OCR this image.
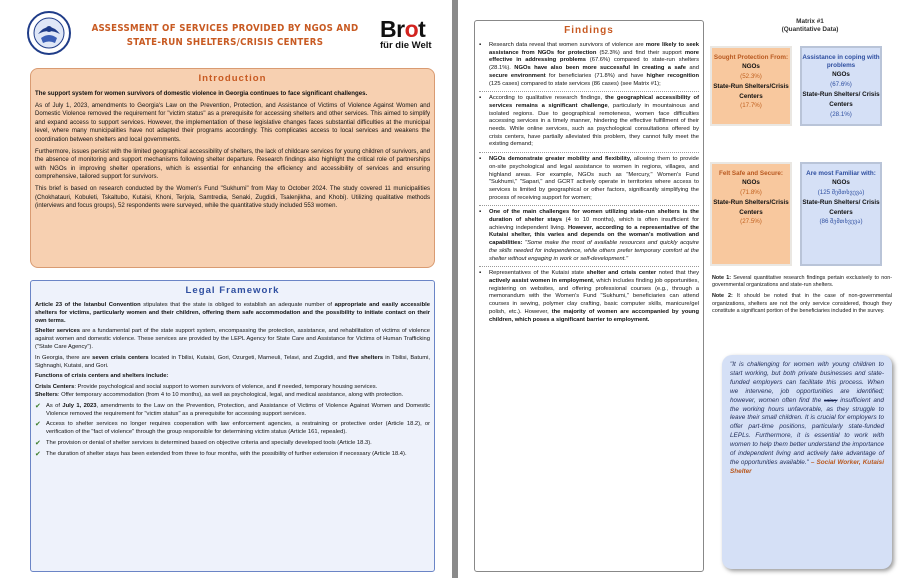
ASSESSMENT OF SERVICES PROVIDED BY NGOS AND
STATE-RUN SHELTERS/CRISIS CENTERS
Brot
für die Welt
Introduction

The support system for women survivors of domestic violence in Georgia continues to face significant challenges.

As of July 1, 2023, amendments to Georgia's Law on the Prevention, Protection, and Assistance of Victims of Violence Against Women and Domestic Violence removed the requirement for "victim status" as a prerequisite for accessing shelters and other services. This aimed to simplify and expand access to support services. However, the implementation of these legislative changes faces substantial difficulties at the municipal level, where many municipalities have not adapted their programs accordingly. This complicates access to local services and weakens the coordination between shelters and local governments.

Furthermore, issues persist with the limited geographical accessibility of shelters, the lack of childcare services for young children of survivors, and the absence of monitoring and support mechanisms following shelter departure. Research findings also highlight the critical role of partnerships with NGOs in improving shelter operations, which is essential for enhancing the efficiency and accessibility of services and ensuring comprehensive, tailored support for survivors.

This brief is based on research conducted by the Women's Fund "Sukhumi" from May to October 2024. The study covered 11 municipalities (Chokhatauri, Kobuleti, Tskaltubo, Kutaisi, Khoni, Terjola, Samtredia, Senaki, Zugdidi, Tsalenjikha, and Khobi). Utilizing qualitative methods (interviews and focus groups), 52 respondents were surveyed, while the quantitative study included 553 women.

Legal Framework

Article 23 of the Istanbul Convention stipulates that the state is obliged to establish an adequate number of appropriate and easily accessible shelters for victims, particularly women and their children, offering them safe accommodation and the possibility to initiate contact on their own terms.

Shelter services are a fundamental part of the state support system, encompassing the protection, assistance, and rehabilitation of victims of violence against women and domestic violence. These services are provided by the LEPL Agency for State Care and Assistance for Victims of Human Trafficking ("State Care Agency").

In Georgia, there are seven crisis centers located in Tbilisi, Kutaisi, Gori, Ozurgeti, Marneuli, Telavi, and Zugdidi, and five shelters in Tbilisi, Batumi, Sighnaghi, Kutaisi, and Gori.

Functions of crisis centers and shelters include:

Crisis Centers: Provide psychological and social support to women survivors of violence, and if needed, temporary housing services.
Shelters: Offer temporary accommodation (from 4 to 10 months), as well as psychological, legal, and medical assistance, along with protection.

✔ As of July 1, 2023, amendments to the Law on the Prevention, Protection, and Assistance of Victims of Violence Against Women and Domestic Violence removed the requirement for "victim status" as a prerequisite for accessing support services.

✔ Access to shelter services no longer requires cooperation with law enforcement agencies, a restraining or protective order (Article 18.2), or verification of the "fact of violence" through the group responsible for determining victim status (Article 161, repealed).

✔ The provision or denial of shelter services is determined based on objective criteria and specially developed tools (Article 18.3).

✔ The duration of shelter stays has been extended from three to four months, with the possibility of further extension if necessary (Article 18.4).

Findings
▪	Research data reveal that women survivors of violence are more likely to seek assistance from NGOs for protection (52.3%) and find their support more effective in addressing problems (67.6%) compared to state-run shelters (28.1%). NGOs have also been more successful in creating a safe and secure environment for beneficiaries (71.8%) and have higher recognition (125 cases) compared to state services (86 cases) (see Matrix #1);

▪	According to qualitative research findings, the geographical accessibility of services remains a significant challenge, particularly in mountainous and isolated regions. Due to geographical remoteness, women face difficulties accessing services in a timely manner, hindering the effective fulfillment of their needs. While online services, such as psychological consultations offered by crisis centers, have partially alleviated this problem, they cannot fully meet the existing demand;

▪	NGOs demonstrate greater mobility and flexibility, allowing them to provide on-site psychological and legal assistance to women in regions, villages, and highland areas. For example, NGOs such as "Mercury," Women's Fund "Sukhumi," "Sapari," and GCRT actively operate in territories where access to services is limited by geographical or other factors, significantly simplifying the process of receiving support for women;

▪	One of the main challenges for women utilizing state-run shelters is the duration of shelter stays (4 to 10 months), which is often insufficient for achieving independent living. However, according to a representative of the Kutaisi shelter, this varies and depends on the woman's motivation and capabilities: "Some make the most of available resources and quickly acquire the skills needed for independence, while others prefer temporary comfort at the shelter without engaging in work or self-development."

▪	Representatives of the Kutaisi state shelter and crisis center noted that they actively assist women in employment, which includes finding job opportunities, registering on websites, and offering professional courses (e.g., through a memorandum with the Women's Fund "Sukhumi," beneficiaries can attend courses in sewing, polymer clay crafting, basic computer skills, manicure/gel polish, etc.). However, the majority of women are accompanied by young children, which poses a significant barrier to employment.

Matrix #1
(Quantitative Data)
Sought Protection From:
NGOs
(52.3%)
State-Run Shelters/Crisis Centers
(17.7%)
Assistance in coping with problems
NGOs
(67.6%)
State-Run Shelters/ Crisis Centers
(28.1%)
Felt Safe and Secure:
NGOs
(71.8%)
State-Run Shelters/Crisis Centers
(27.5%)
Are most Familiar with:
NGOs
(125 შემთხვევა)
State-Run Shelters/ Crisis Centers
(86 შემთხვევა)

Note 1: Several quantitative research findings pertain exclusively to non-governmental organizations and state-run shelters.

Note 2: It should be noted that in the case of non-governmental organizations, shelters are not the only service considered, though they constitute a significant portion of the beneficiaries included in the survey.

"It is challenging for women with young children to start working, but both private businesses and state-funded employers can facilitate this process. When we intervene, job opportunities are identified; however, women often find the salary insufficient and the working hours unfavorable, as they struggle to leave their small children. It is crucial for employers to offer part-time positions, particularly state-funded LEPLs. Furthermore, it is essential to work with women to help them better understand the importance of independent living and actively take advantage of the opportunities available." – Social Worker, Kutaisi Shelter
